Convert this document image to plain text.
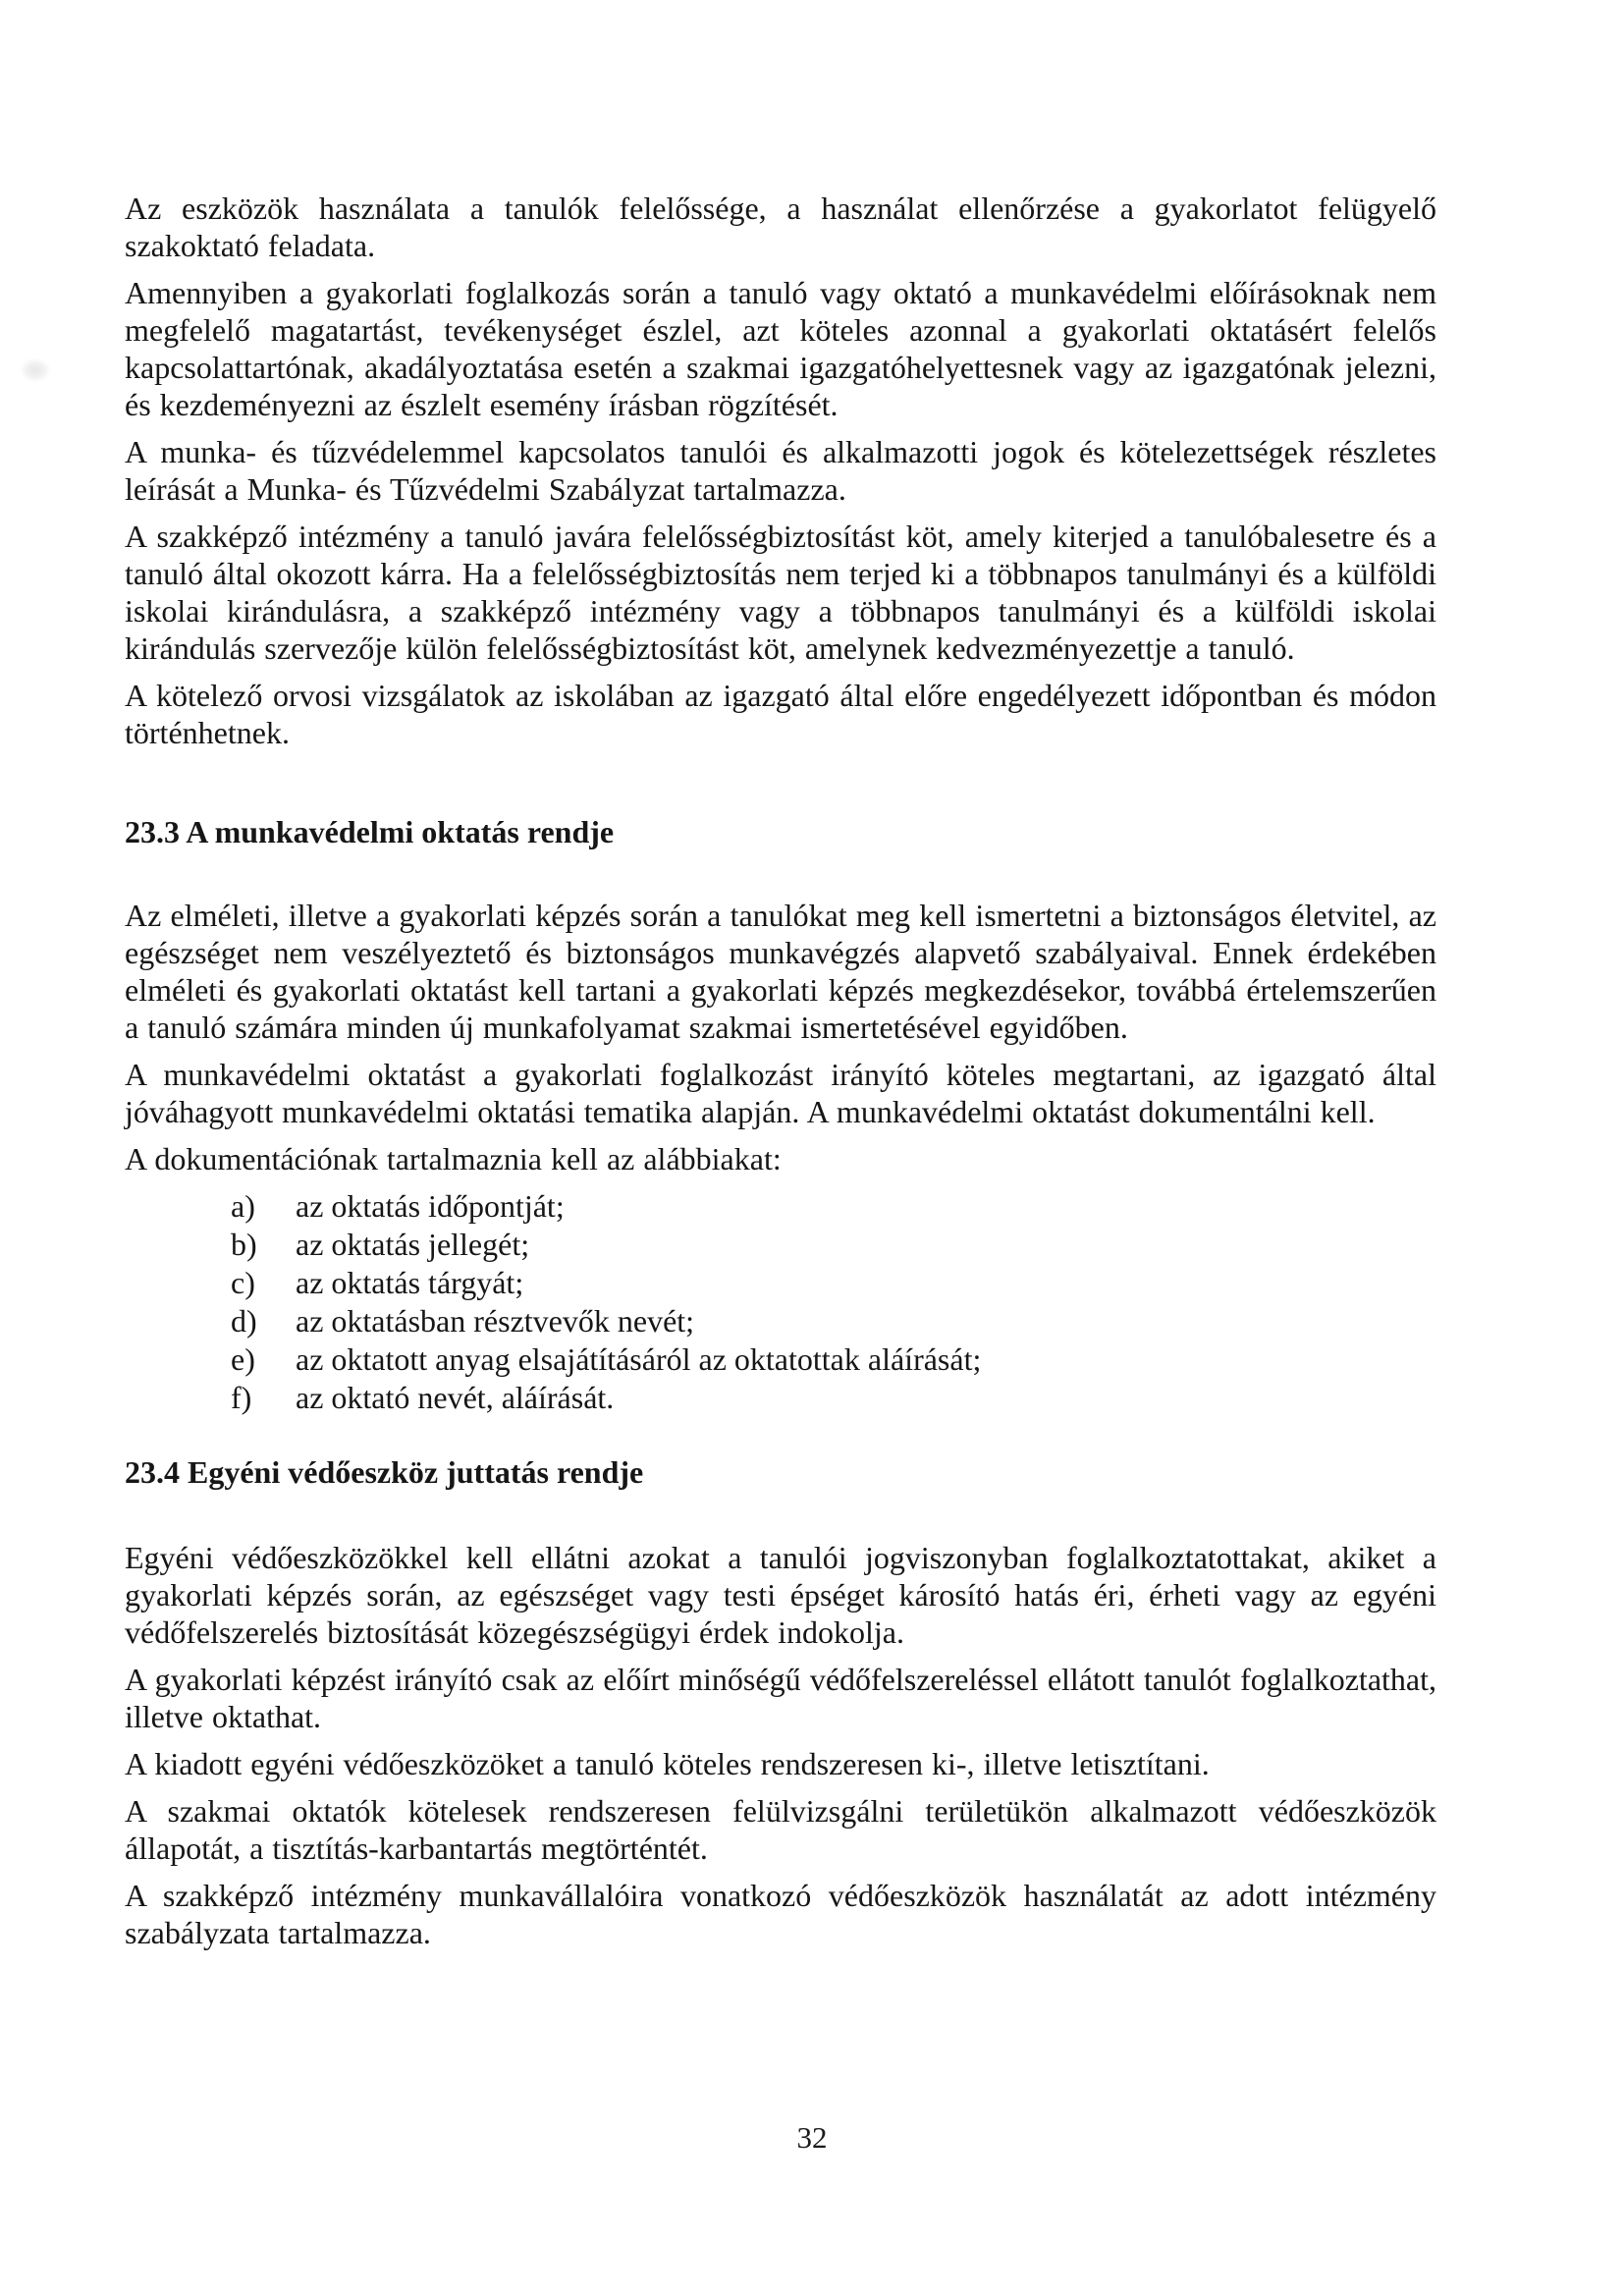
Az eszközök használata a tanulók felelőssége, a használat ellenőrzése a gyakorlatot felügyelő szakoktató feladata.

Amennyiben a gyakorlati foglalkozás során a tanuló vagy oktató a munkavédelmi előírásoknak nem megfelelő magatartást, tevékenységet észlel, azt köteles azonnal a gyakorlati oktatásért felelős kapcsolattartónak, akadályoztatása esetén a szakmai igazgatóhelyettesnek vagy az igazgatónak jelezni, és kezdeményezni az észlelt esemény írásban rögzítését.

A munka- és tűzvédelemmel kapcsolatos tanulói és alkalmazotti jogok és kötelezettségek részletes leírását a Munka- és Tűzvédelmi Szabályzat tartalmazza.

A szakképző intézmény a tanuló javára felelősségbiztosítást köt, amely kiterjed a tanulóbalesetre és a tanuló által okozott kárra. Ha a felelősségbiztosítás nem terjed ki a többnapos tanulmányi és a külföldi iskolai kirándulásra, a szakképző intézmény vagy a többnapos tanulmányi és a külföldi iskolai kirándulás szervezője külön felelősségbiztosítást köt, amelynek kedvezményezettje a tanuló.

A kötelező orvosi vizsgálatok az iskolában az igazgató által előre engedélyezett időpontban és módon történhetnek.

23.3 A munkavédelmi oktatás rendje

Az elméleti, illetve a gyakorlati képzés során a tanulókat meg kell ismertetni a biztonságos életvitel, az egészséget nem veszélyeztető és biztonságos munkavégzés alapvető szabályaival. Ennek érdekében elméleti és gyakorlati oktatást kell tartani a gyakorlati képzés megkezdésekor, továbbá értelemszerűen a tanuló számára minden új munkafolyamat szakmai ismertetésével egyidőben.

A munkavédelmi oktatást a gyakorlati foglalkozást irányító köteles megtartani, az igazgató által jóváhagyott munkavédelmi oktatási tematika alapján. A munkavédelmi oktatást dokumentálni kell.

A dokumentációnak tartalmaznia kell az alábbiakat:

a)	az oktatás időpontját;
b)	az oktatás jellegét;
c)	az oktatás tárgyát;
d)	az oktatásban résztvevők nevét;
e)	az oktatott anyag elsajátításáról az oktatottak aláírását;
f)	az oktató nevét, aláírását.
23.4 Egyéni védőeszköz juttatás rendje

Egyéni védőeszközökkel kell ellátni azokat a tanulói jogviszonyban foglalkoztatottakat, akiket a gyakorlati képzés során, az egészséget vagy testi épséget károsító hatás éri, érheti vagy az egyéni védőfelszerelés biztosítását közegészségügyi érdek indokolja.

A gyakorlati képzést irányító csak az előírt minőségű védőfelszereléssel ellátott tanulót foglalkoztathat, illetve oktathat.

A kiadott egyéni védőeszközöket a tanuló köteles rendszeresen ki-, illetve letisztítani.

A szakmai oktatók kötelesek rendszeresen felülvizsgálni területükön alkalmazott védőeszközök állapotát, a tisztítás-karbantartás megtörténtét.

A szakképző intézmény munkavállalóira vonatkozó védőeszközök használatát az adott intézmény szabályzata tartalmazza.

32
